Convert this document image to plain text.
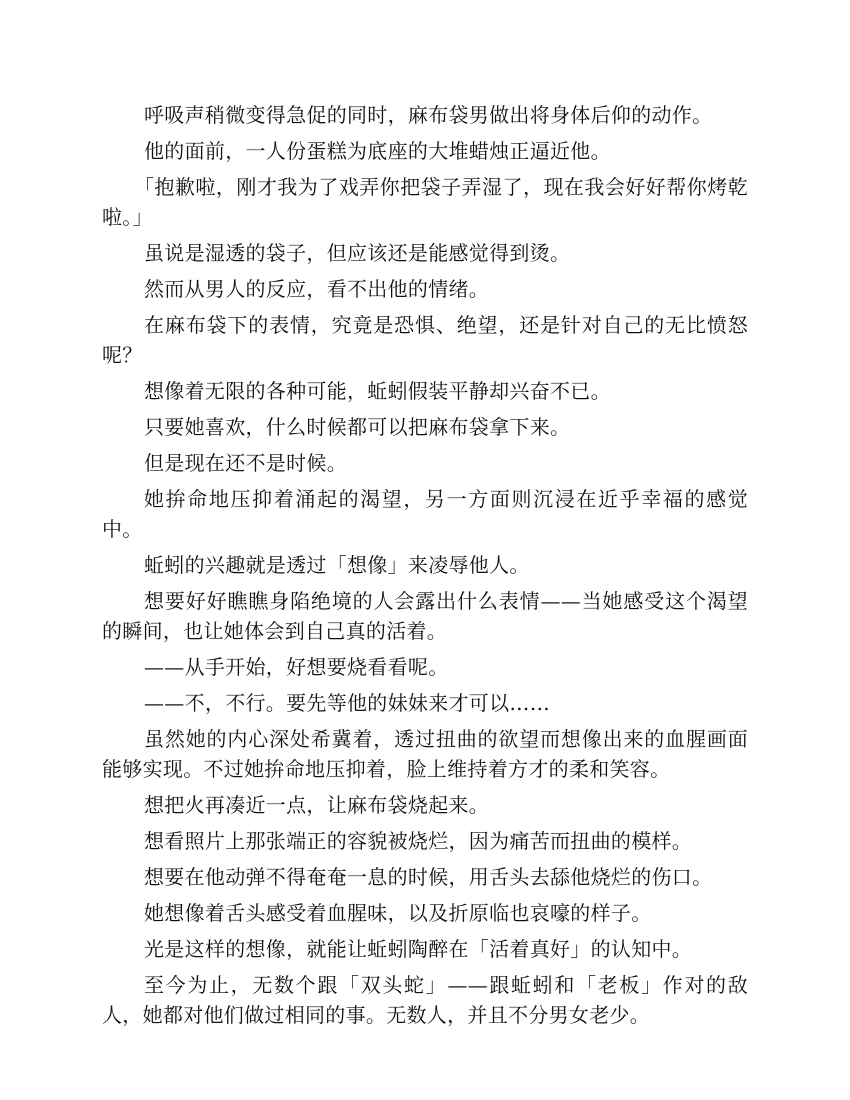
呼吸声稍微变得急促的同时，麻布袋男做出将身体后仰的动作。

他的面前，一人份蛋糕为底座的大堆蜡烛正逼近他。

「抱歉啦，刚才我为了戏弄你把袋子弄湿了，现在我会好好帮你烤乾啦。」

虽说是湿透的袋子，但应该还是能感觉得到烫。

然而从男人的反应，看不出他的情绪。

在麻布袋下的表情，究竟是恐惧、绝望，还是针对自己的无比愤怒呢？

想像着无限的各种可能，蚯蚓假装平静却兴奋不已。

只要她喜欢，什么时候都可以把麻布袋拿下来。

但是现在还不是时候。

她拚命地压抑着涌起的渴望，另一方面则沉浸在近乎幸福的感觉中。

蚯蚓的兴趣就是透过「想像」来凌辱他人。

想要好好瞧瞧身陷绝境的人会露出什么表情——当她感受这个渴望的瞬间，也让她体会到自己真的活着。

——从手开始，好想要烧看看呢。

——不，不行。要先等他的妹妹来才可以……

虽然她的内心深处希冀着，透过扭曲的欲望而想像出来的血腥画面能够实现。不过她拚命地压抑着，脸上维持着方才的柔和笑容。

想把火再凑近一点，让麻布袋烧起来。

想看照片上那张端正的容貌被烧烂，因为痛苦而扭曲的模样。

想要在他动弹不得奄奄一息的时候，用舌头去舔他烧烂的伤口。

她想像着舌头感受着血腥味，以及折原临也哀嚎的样子。

光是这样的想像，就能让蚯蚓陶醉在「活着真好」的认知中。

至今为止，无数个跟「双头蛇」——跟蚯蚓和「老板」作对的敌人，她都对他们做过相同的事。无数人，并且不分男女老少。
